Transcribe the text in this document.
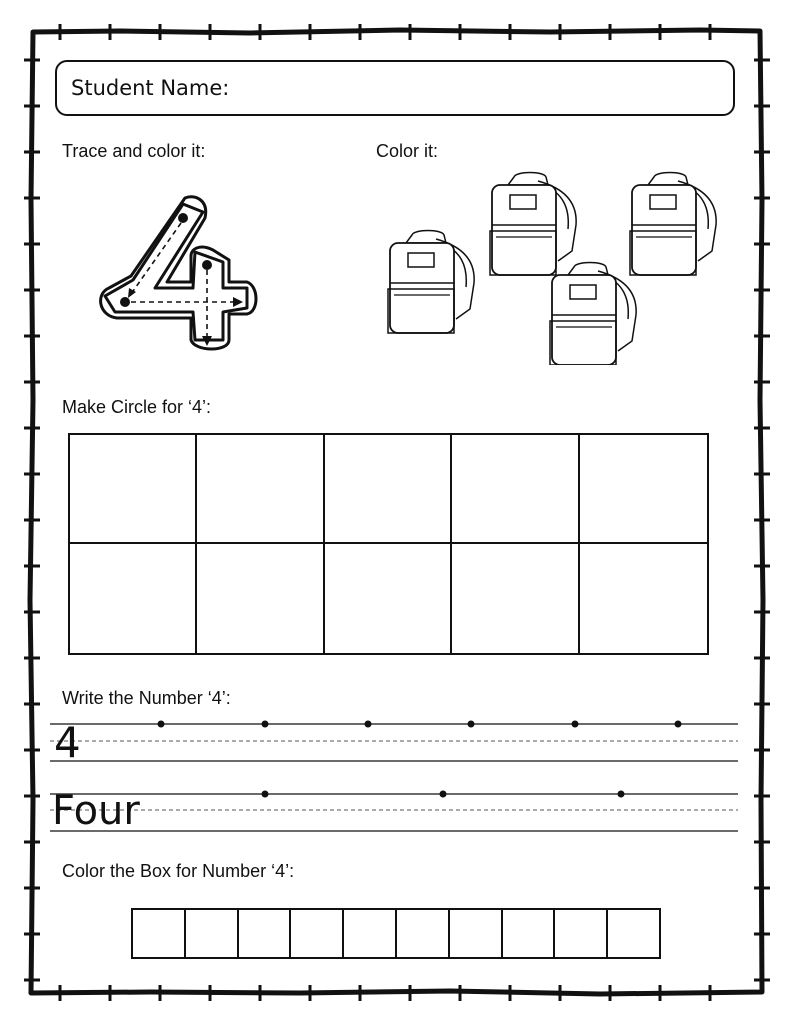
Student Name:
Trace and color it:	Color it:
Make Circle for ‘4’:
Write the Number ‘4’:
4
Four
Color the Box for Number ‘4’:
